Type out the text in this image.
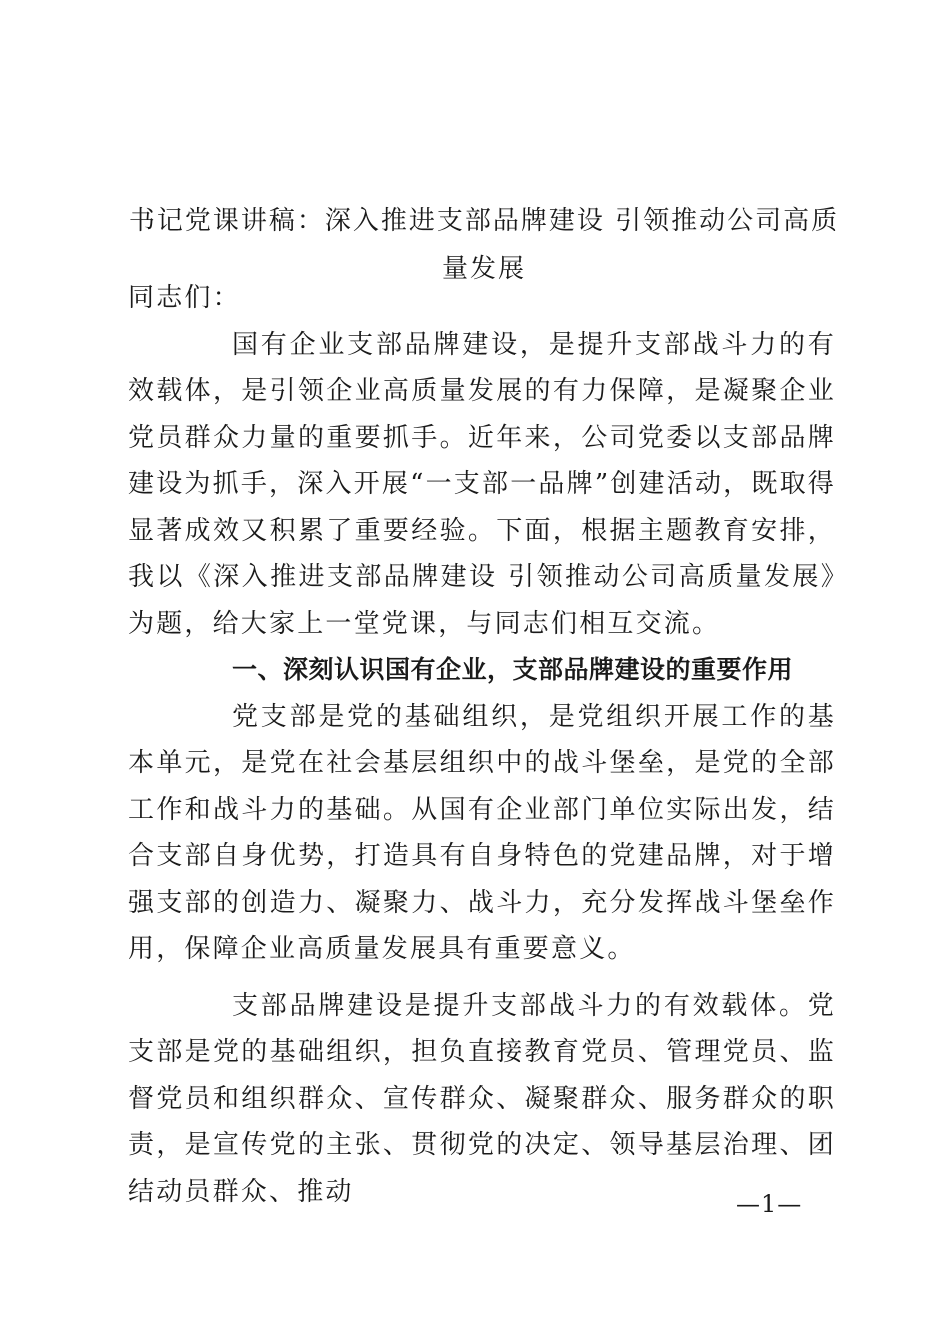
书记党课讲稿：深入推进支部品牌建设 引领推动公司高质量发展

同志们：

国有企业支部品牌建设，是提升支部战斗力的有效载体，是引领企业高质量发展的有力保障，是凝聚企业党员群众力量的重要抓手。近年来，公司党委以支部品牌建设为抓手，深入开展“一支部一品牌”创建活动，既取得显著成效又积累了重要经验。下面，根据主题教育安排，我以《深入推进支部品牌建设 引领推动公司高质量发展》为题，给大家上一堂党课，与同志们相互交流。

一、深刻认识国有企业，支部品牌建设的重要作用

党支部是党的基础组织，是党组织开展工作的基本单元，是党在社会基层组织中的战斗堡垒，是党的全部工作和战斗力的基础。从国有企业部门单位实际出发，结合支部自身优势，打造具有自身特色的党建品牌，对于增强支部的创造力、凝聚力、战斗力，充分发挥战斗堡垒作用，保障企业高质量发展具有重要意义。

支部品牌建设是提升支部战斗力的有效载体。党支部是党的基础组织，担负直接教育党员、管理党员、监督党员和组织群众、宣传群众、凝聚群众、服务群众的职责，是宣传党的主张、贯彻党的决定、领导基层治理、团结动员群众、推动	—1—
